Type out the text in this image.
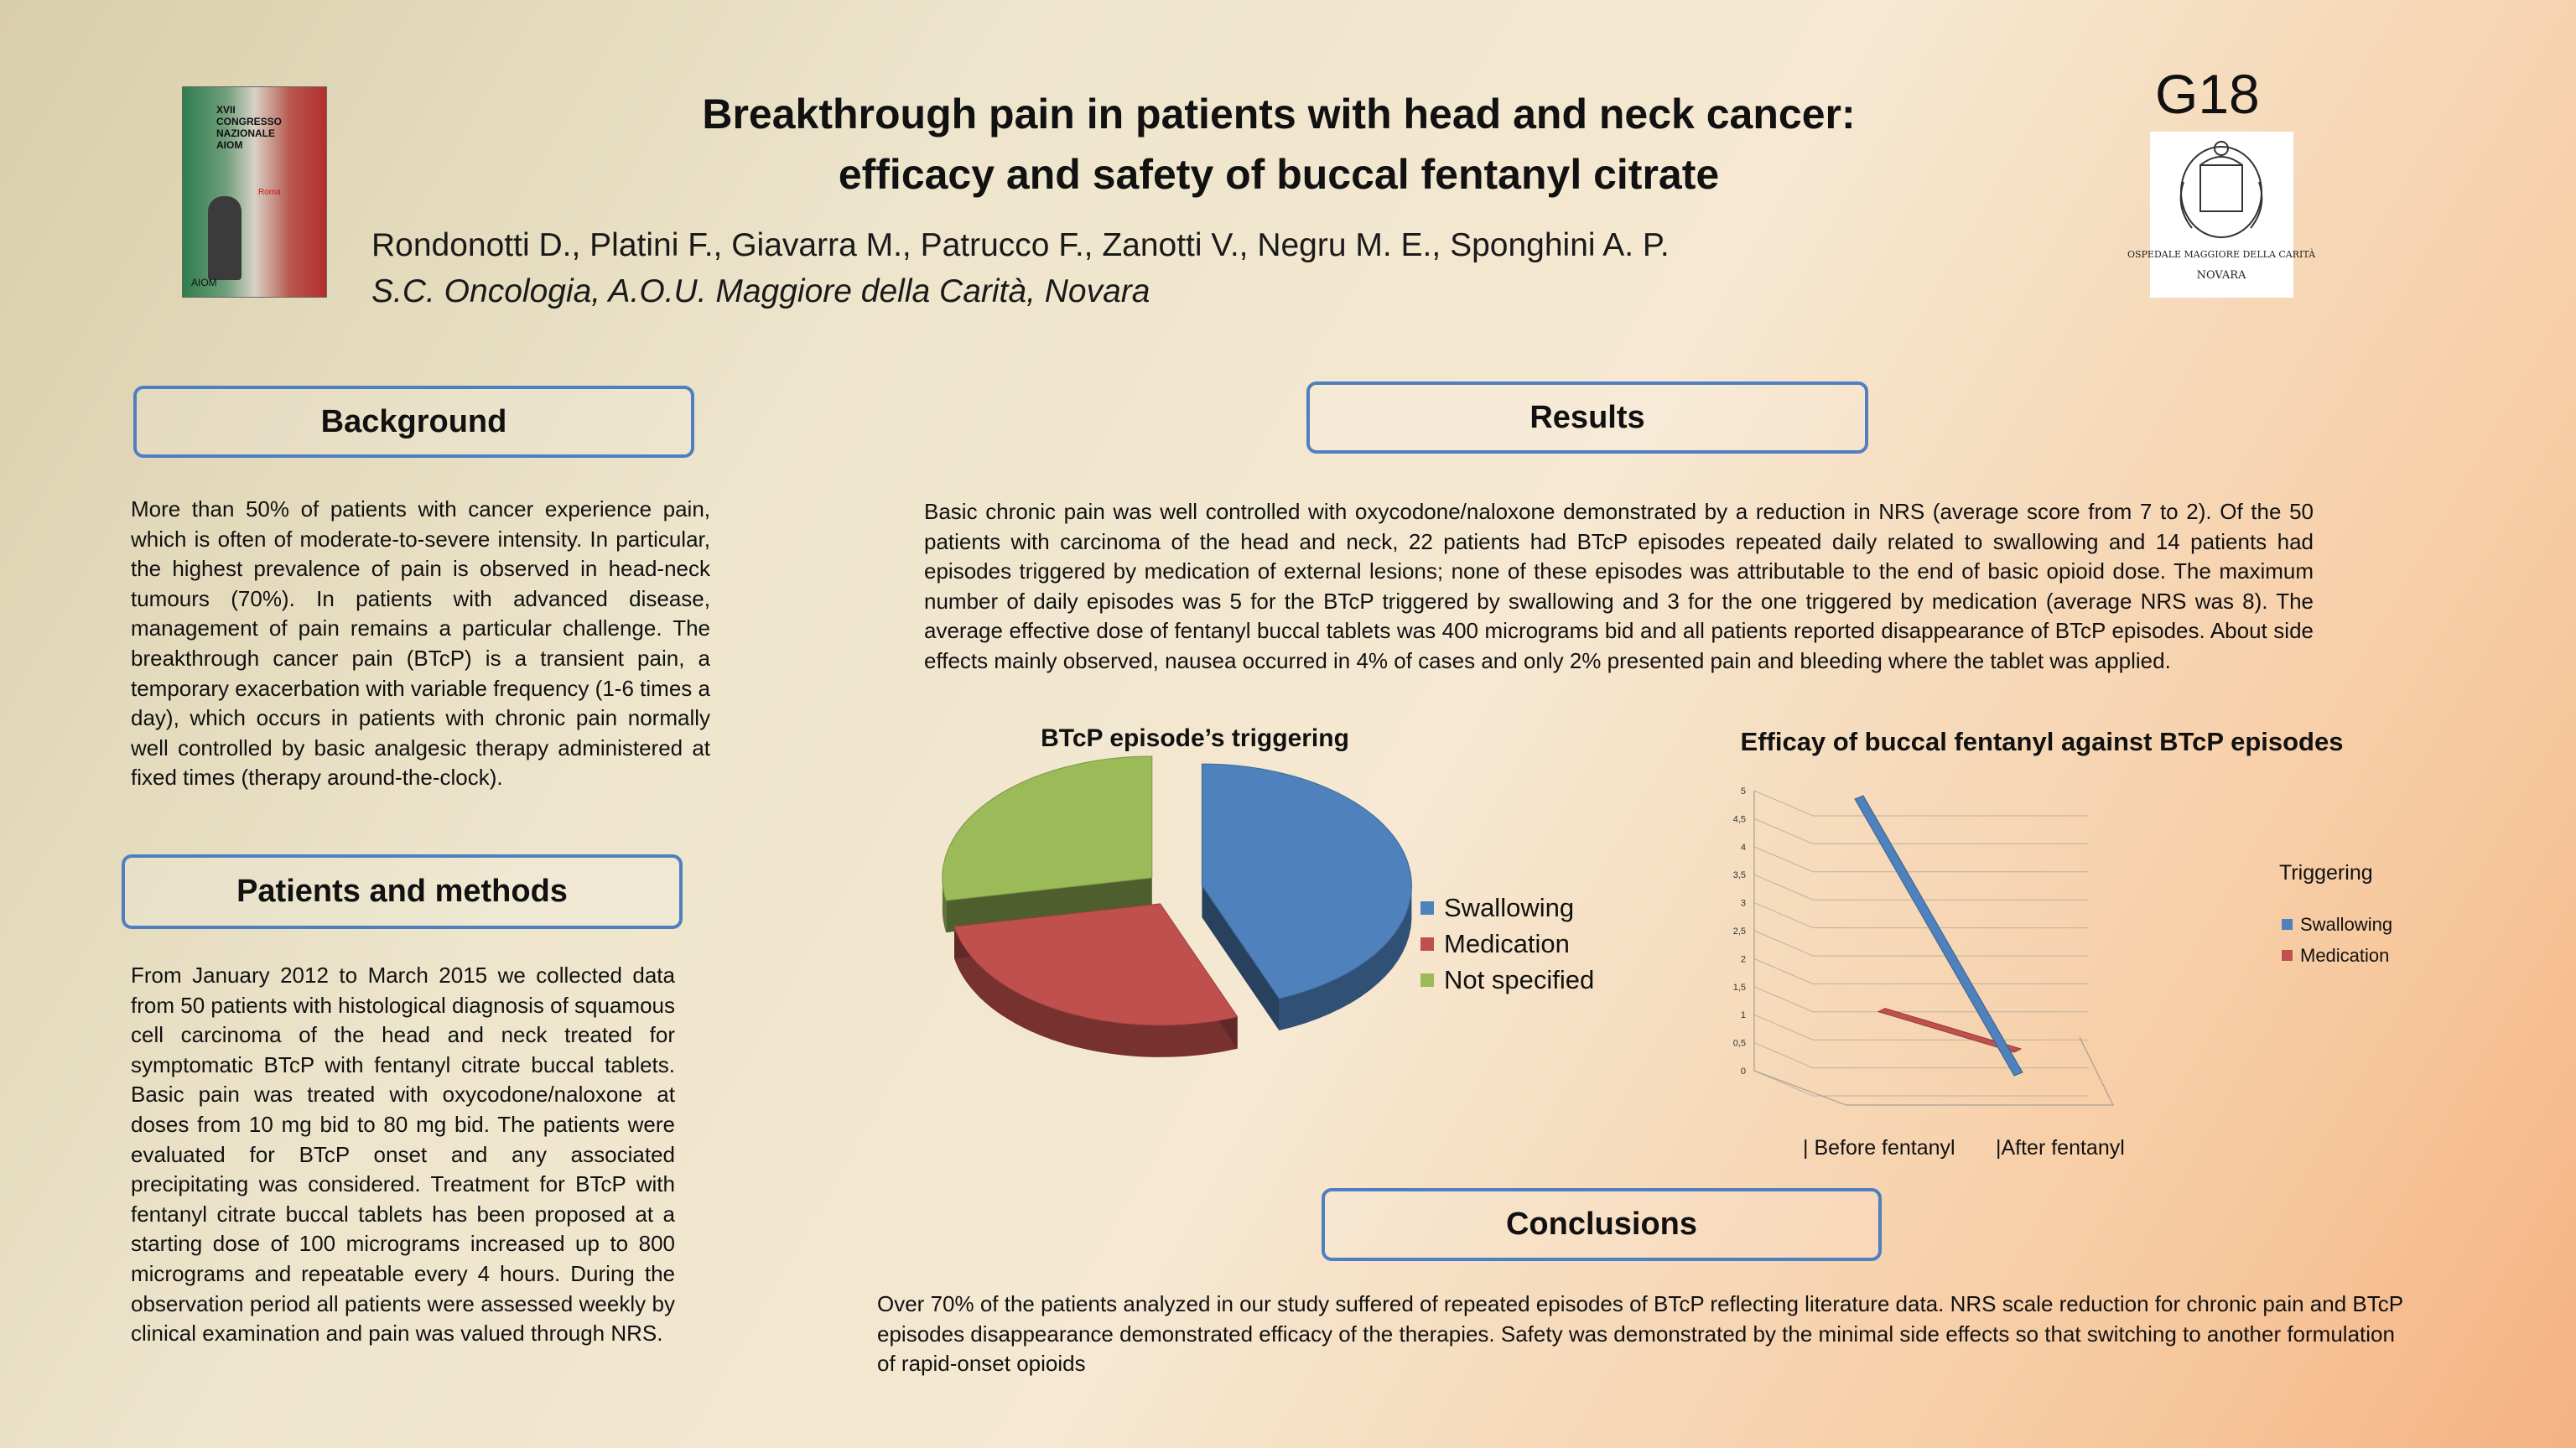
XVII CONGRESSO NAZIONALE AIOM
Roma
AIOM
Breakthrough pain in patients with head and neck cancer:
efficacy and safety of buccal fentanyl citrate
Rondonotti D., Platini F., Giavarra M., Patrucco F., Zanotti V., Negru M. E., Sponghini A. P.
S.C. Oncologia, A.O.U. Maggiore della Carità, Novara
G18
OSPEDALE MAGGIORE DELLA CARITÀ
NOVARA
Background
More than 50% of patients with cancer experience pain, which is often of moderate-to-severe intensity. In particular, the highest prevalence of pain is observed in head-neck tumours (70%). In patients with advanced disease, management of pain remains a particular challenge. The breakthrough cancer pain (BTcP) is a transient pain, a temporary exacerbation with variable frequency (1-6 times a day), which occurs in patients with chronic pain normally well controlled by basic analgesic therapy administered at fixed times (therapy around-the-clock).
Patients and methods
From January 2012 to March 2015 we collected data from 50 patients with histological diagnosis of squamous cell carcinoma of the head and neck treated for symptomatic BTcP with fentanyl citrate buccal tablets. Basic pain was treated with oxycodone/naloxone at doses from 10 mg bid to 80 mg bid. The patients were evaluated for BTcP onset and any associated precipitating was considered. Treatment for BTcP with fentanyl citrate buccal tablets has been proposed at a starting dose of 100 micrograms increased up to 800 micrograms and repeatable every 4 hours. During the observation period all patients were assessed weekly by clinical examination and pain was valued through NRS.
Results
Basic chronic pain was well controlled with oxycodone/naloxone demonstrated by a reduction in NRS (average score from 7 to 2). Of the 50 patients with carcinoma of the head and neck, 22 patients had BTcP episodes repeated daily related to swallowing and 14 patients had episodes triggered by medication of external lesions; none of these episodes was attributable to the end of basic opioid dose. The maximum number of daily episodes was 5 for the BTcP triggered by swallowing and 3 for the one triggered by medication (average NRS was 8). The average effective dose of fentanyl buccal tablets was 400 micrograms bid and all patients reported disappearance of BTcP episodes. About side effects mainly observed, nausea occurred in 4% of cases and only 2% presented pain and bleeding where the tablet was applied.
BTcP episode’s triggering
Swallowing
Medication
Not specified
Efficay of buccal fentanyl against BTcP episodes
0
0,5
1
1,5
2
2,5
3
3,5
4
4,5
5
| Before fentanyl |After fentanyl
Triggering
Swallowing
Medication
Conclusions
Over 70% of the patients analyzed in our study suffered of repeated episodes of BTcP reflecting literature data. NRS scale reduction for chronic pain and BTcP episodes disappearance demonstrated efficacy of the therapies. Safety was demonstrated by the minimal side effects so that switching to another formulation of rapid-onset opioids
